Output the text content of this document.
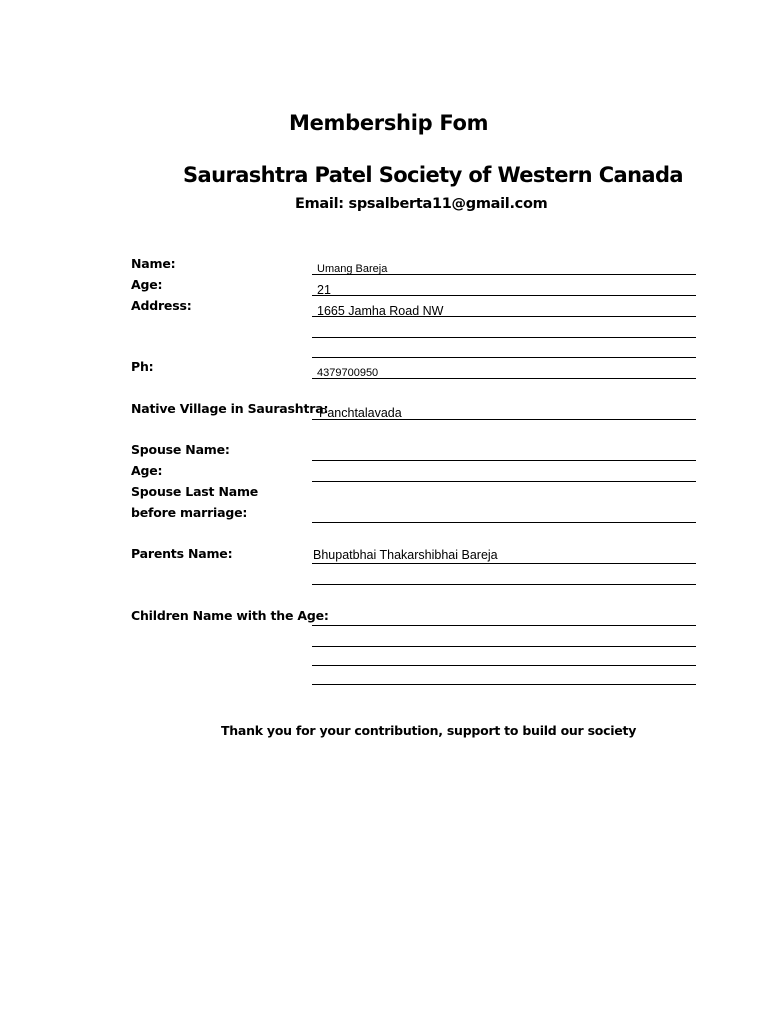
Membership Fom
Saurashtra Patel Society of Western Canada
Email: spsalberta11@gmail.com
Name:
Age:
Address:
Ph:
Native Village in Saurashtra:
Spouse Name:
Age:
Spouse Last Name
before marriage:
Parents Name:
Children Name with the Age:
Umang Bareja
21
1665 Jamha Road NW
4379700950
Panchtalavada
Bhupatbhai Thakarshibhai Bareja
Thank you for your contribution, support to build our society
